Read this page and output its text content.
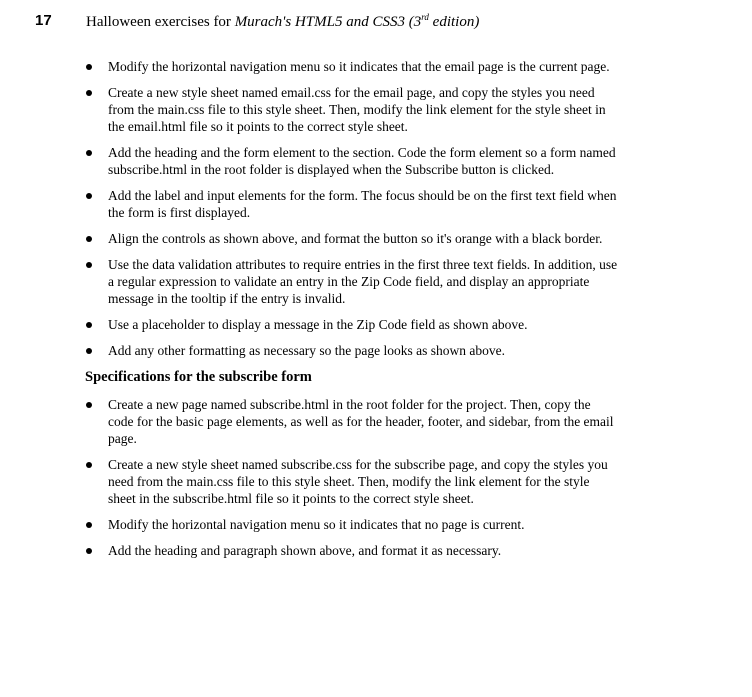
17 Halloween exercises for Murach's HTML5 and CSS3 (3rd edition)
Modify the horizontal navigation menu so it indicates that the email page is the current page.
Create a new style sheet named email.css for the email page, and copy the styles you need from the main.css file to this style sheet. Then, modify the link element for the style sheet in the email.html file so it points to the correct style sheet.
Add the heading and the form element to the section. Code the form element so a form named subscribe.html in the root folder is displayed when the Subscribe button is clicked.
Add the label and input elements for the form. The focus should be on the first text field when the form is first displayed.
Align the controls as shown above, and format the button so it's orange with a black border.
Use the data validation attributes to require entries in the first three text fields. In addition, use a regular expression to validate an entry in the Zip Code field, and display an appropriate message in the tooltip if the entry is invalid.
Use a placeholder to display a message in the Zip Code field as shown above.
Add any other formatting as necessary so the page looks as shown above.
Specifications for the subscribe form
Create a new page named subscribe.html in the root folder for the project. Then, copy the code for the basic page elements, as well as for the header, footer, and sidebar, from the email page.
Create a new style sheet named subscribe.css for the subscribe page, and copy the styles you need from the main.css file to this style sheet. Then, modify the link element for the style sheet in the subscribe.html file so it points to the correct style sheet.
Modify the horizontal navigation menu so it indicates that no page is current.
Add the heading and paragraph shown above, and format it as necessary.
